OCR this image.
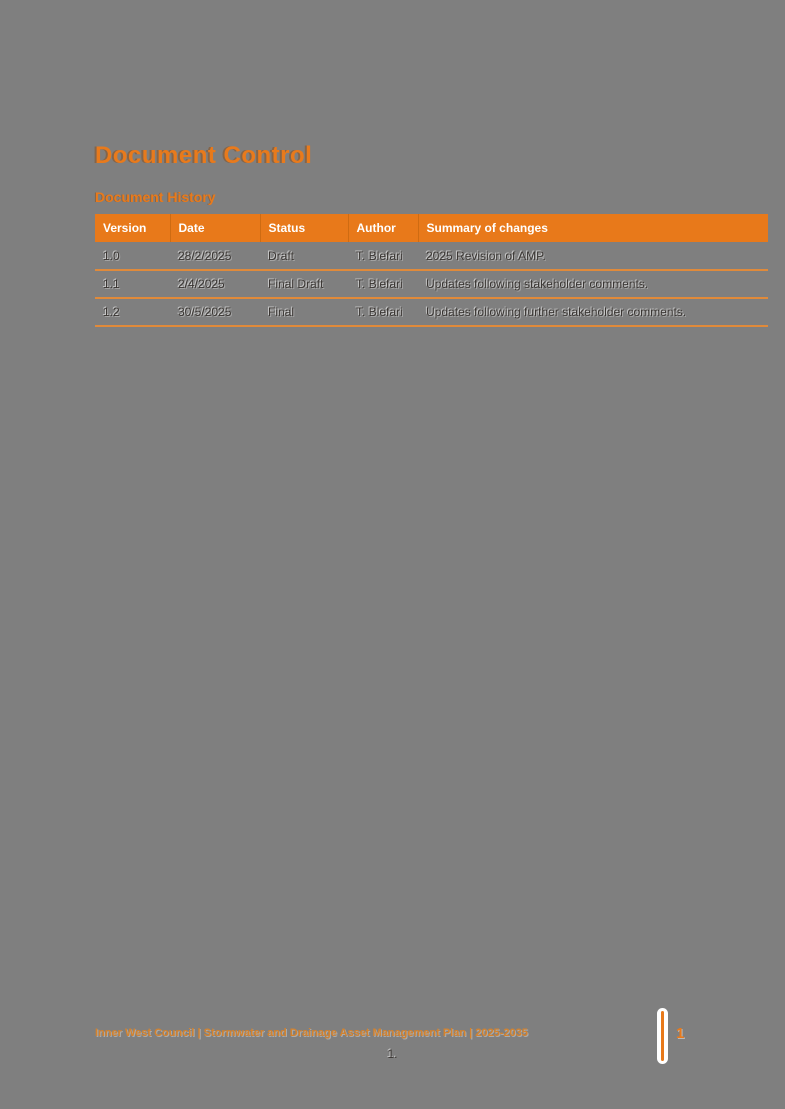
Document Control
Document History
Version	Date	Status	Author	Summary of changes
1.0	28/2/2025	Draft	T. Blefari	2025 Revision of AMP.
1.1	2/4/2025	Final Draft	T. Blefari	Updates following stakeholder comments.
1.2	30/5/2025	Final	T. Blefari	Updates following further stakeholder comments.
Inner West Council | Stormwater and Drainage Asset Management Plan | 2025-2035	1
1.
